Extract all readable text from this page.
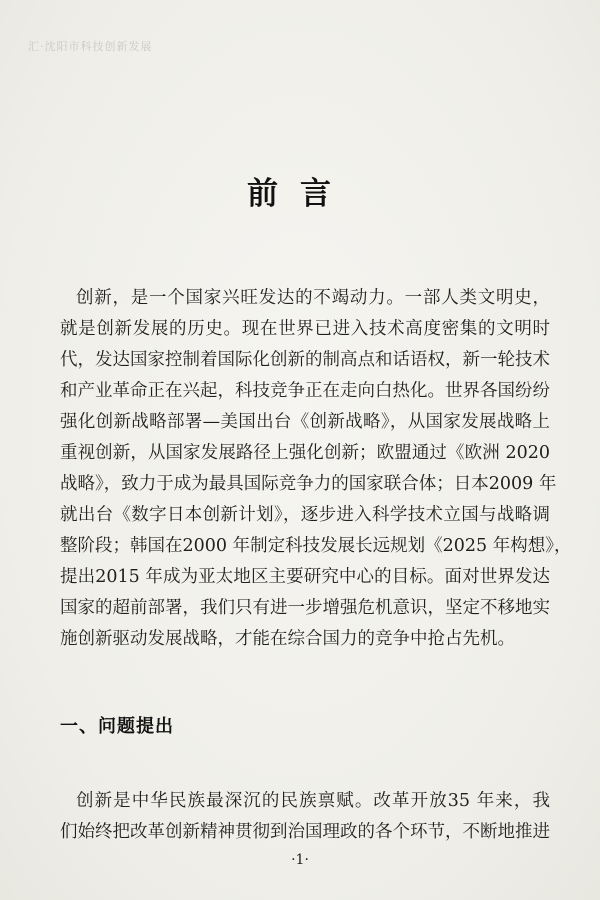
汇·沈阳市科技创新发展
前言
创新，是一个国家兴旺发达的不竭动力。一部人类文明史，
就是创新发展的历史。现在世界已进入技术高度密集的文明时
代，发达国家控制着国际化创新的制高点和话语权，新一轮技术
和产业革命正在兴起，科技竞争正在走向白热化。世界各国纷纷
强化创新战略部署—美国出台《创新战略》，从国家发展战略上
重视创新，从国家发展路径上强化创新；欧盟通过《欧洲 2020
战略》，致力于成为最具国际竞争力的国家联合体；日本2009 年
就出台《数字日本创新计划》，逐步进入科学技术立国与战略调
整阶段；韩国在2000 年制定科技发展长远规划《2025 年构想》，
提出2015 年成为亚太地区主要研究中心的目标。面对世界发达
国家的超前部署，我们只有进一步增强危机意识，坚定不移地实
施创新驱动发展战略，才能在综合国力的竞争中抢占先机。
一、问题提出
创新是中华民族最深沉的民族禀赋。改革开放35 年来，我
们始终把改革创新精神贯彻到治国理政的各个环节，不断地推进
·1·
